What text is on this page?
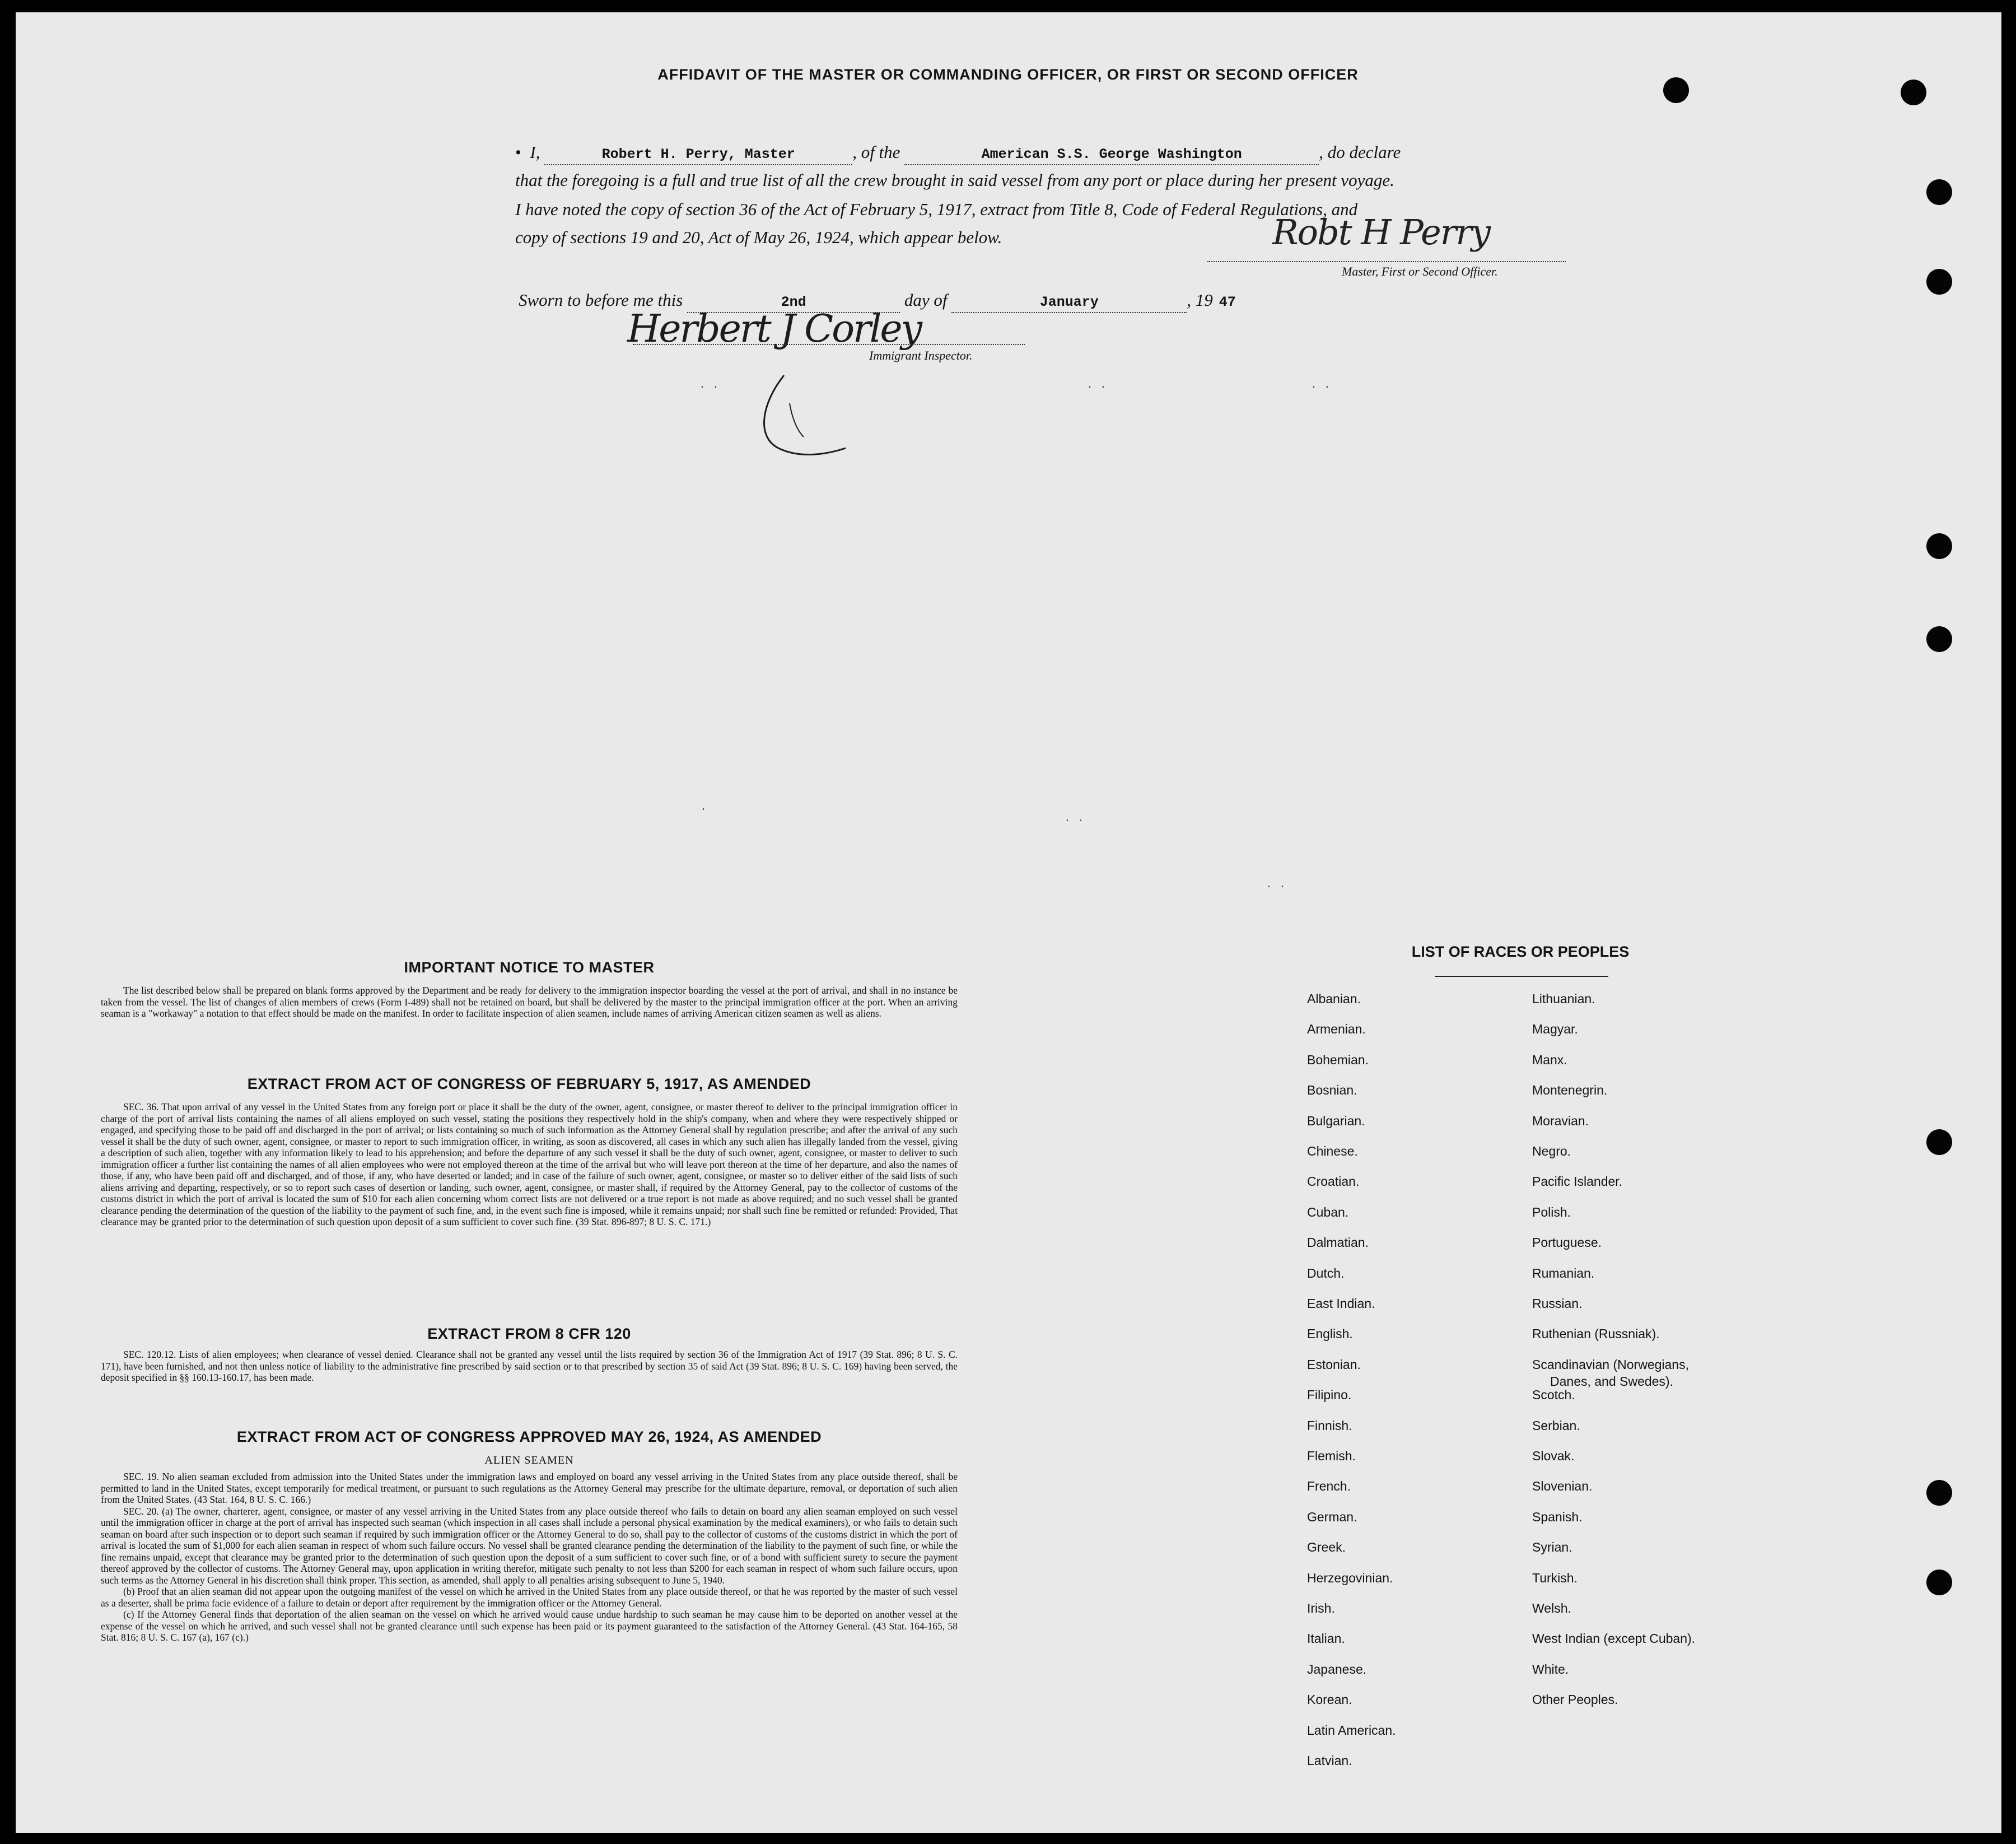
. .	. .	. .
.
. .
. .
AFFIDAVIT OF THE MASTER OR COMMANDING OFFICER, OR FIRST OR SECOND OFFICER
• I,	Robert H. Perry, Master	, of the	American S.S. George Washington	, do declare
that the foregoing is a full and true list of all the crew brought in said vessel from any port or place during her present voyage.
I have noted the copy of section 36 of the Act of February 5, 1917, extract from Title 8, Code of Federal Regulations, and
copy of sections 19 and 20, Act of May 26, 1924, which appear below.	Robt H Perry
Master, First or Second Officer.
Sworn to before me this	2nd	day of	January	, 19 47
Herbert J Corley
Immigrant Inspector.
IMPORTANT NOTICE TO MASTER

The list described below shall be prepared on blank forms approved by the Department and be ready for delivery to the immigration inspector boarding the vessel at the port of arrival, and shall in no instance be taken from the vessel. The list of changes of alien members of crews (Form I-489) shall not be retained on board, but shall be delivered by the master to the principal immigration officer at the port. When an arriving seaman is a "workaway" a notation to that effect should be made on the manifest. In order to facilitate inspection of alien seamen, include names of arriving American citizen seamen as well as aliens.

EXTRACT FROM ACT OF CONGRESS OF FEBRUARY 5, 1917, AS AMENDED

SEC. 36. That upon arrival of any vessel in the United States from any foreign port or place it shall be the duty of the owner, agent, consignee, or master thereof to deliver to the principal immigration officer in charge of the port of arrival lists containing the names of all aliens employed on such vessel, stating the positions they respectively hold in the ship's company, when and where they were respectively shipped or engaged, and specifying those to be paid off and discharged in the port of arrival; or lists containing so much of such information as the Attorney General shall by regulation prescribe; and after the arrival of any such vessel it shall be the duty of such owner, agent, consignee, or master to report to such immigration officer, in writing, as soon as discovered, all cases in which any such alien has illegally landed from the vessel, giving a description of such alien, together with any information likely to lead to his apprehension; and before the departure of any such vessel it shall be the duty of such owner, agent, consignee, or master to deliver to such immigration officer a further list containing the names of all alien employees who were not employed thereon at the time of the arrival but who will leave port thereon at the time of her departure, and also the names of those, if any, who have been paid off and discharged, and of those, if any, who have deserted or landed; and in case of the failure of such owner, agent, consignee, or master so to deliver either of the said lists of such aliens arriving and departing, respectively, or so to report such cases of desertion or landing, such owner, agent, consignee, or master shall, if required by the Attorney General, pay to the collector of customs of the customs district in which the port of arrival is located the sum of $10 for each alien concerning whom correct lists are not delivered or a true report is not made as above required; and no such vessel shall be granted clearance pending the determination of the question of the liability to the payment of such fine, and, in the event such fine is imposed, while it remains unpaid; nor shall such fine be remitted or refunded: Provided, That clearance may be granted prior to the determination of such question upon deposit of a sum sufficient to cover such fine. (39 Stat. 896-897; 8 U. S. C. 171.)

EXTRACT FROM 8 CFR 120

SEC. 120.12. Lists of alien employees; when clearance of vessel denied. Clearance shall not be granted any vessel until the lists required by section 36 of the Immigration Act of 1917 (39 Stat. 896; 8 U. S. C. 171), have been furnished, and not then unless notice of liability to the administrative fine prescribed by said section or to that prescribed by section 35 of said Act (39 Stat. 896; 8 U. S. C. 169) having been served, the deposit specified in §§ 160.13-160.17, has been made.

EXTRACT FROM ACT OF CONGRESS APPROVED MAY 26, 1924, AS AMENDED
ALIEN SEAMEN

SEC. 19. No alien seaman excluded from admission into the United States under the immigration laws and employed on board any vessel arriving in the United States from any place outside thereof, shall be permitted to land in the United States, except temporarily for medical treatment, or pursuant to such regulations as the Attorney General may prescribe for the ultimate departure, removal, or deportation of such alien from the United States. (43 Stat. 164, 8 U. S. C. 166.)

SEC. 20. (a) The owner, charterer, agent, consignee, or master of any vessel arriving in the United States from any place outside thereof who fails to detain on board any alien seaman employed on such vessel until the immigration officer in charge at the port of arrival has inspected such seaman (which inspection in all cases shall include a personal physical examination by the medical examiners), or who fails to detain such seaman on board after such inspection or to deport such seaman if required by such immigration officer or the Attorney General to do so, shall pay to the collector of customs of the customs district in which the port of arrival is located the sum of $1,000 for each alien seaman in respect of whom such failure occurs. No vessel shall be granted clearance pending the determination of the liability to the payment of such fine, or while the fine remains unpaid, except that clearance may be granted prior to the determination of such question upon the deposit of a sum sufficient to cover such fine, or of a bond with sufficient surety to secure the payment thereof approved by the collector of customs. The Attorney General may, upon application in writing therefor, mitigate such penalty to not less than $200 for each seaman in respect of whom such failure occurs, upon such terms as the Attorney General in his discretion shall think proper. This section, as amended, shall apply to all penalties arising subsequent to June 5, 1940.

(b) Proof that an alien seaman did not appear upon the outgoing manifest of the vessel on which he arrived in the United States from any place outside thereof, or that he was reported by the master of such vessel as a deserter, shall be prima facie evidence of a failure to detain or deport after requirement by the immigration officer or the Attorney General.

(c) If the Attorney General finds that deportation of the alien seaman on the vessel on which he arrived would cause undue hardship to such seaman he may cause him to be deported on another vessel at the expense of the vessel on which he arrived, and such vessel shall not be granted clearance until such expense has been paid or its payment guaranteed to the satisfaction of the Attorney General. (43 Stat. 164-165, 58 Stat. 816; 8 U. S. C. 167 (a), 167 (c).)

LIST OF RACES OR PEOPLES
Albanian.
Armenian.
Bohemian.
Bosnian.
Bulgarian.
Chinese.
Croatian.
Cuban.
Dalmatian.
Dutch.
East Indian.
English.
Estonian.
Filipino.
Finnish.
Flemish.
French.
German.
Greek.
Herzegovinian.
Irish.
Italian.
Japanese.
Korean.
Latin American.
Latvian.
Lithuanian.
Magyar.
Manx.
Montenegrin.
Moravian.
Negro.
Pacific Islander.
Polish.
Portuguese.
Rumanian.
Russian.
Ruthenian (Russniak).
Scandinavian (Norwegians,
Danes, and Swedes).
Scotch.
Serbian.
Slovak.
Slovenian.
Spanish.
Syrian.
Turkish.
Welsh.
West Indian (except Cuban).
White.
Other Peoples.
